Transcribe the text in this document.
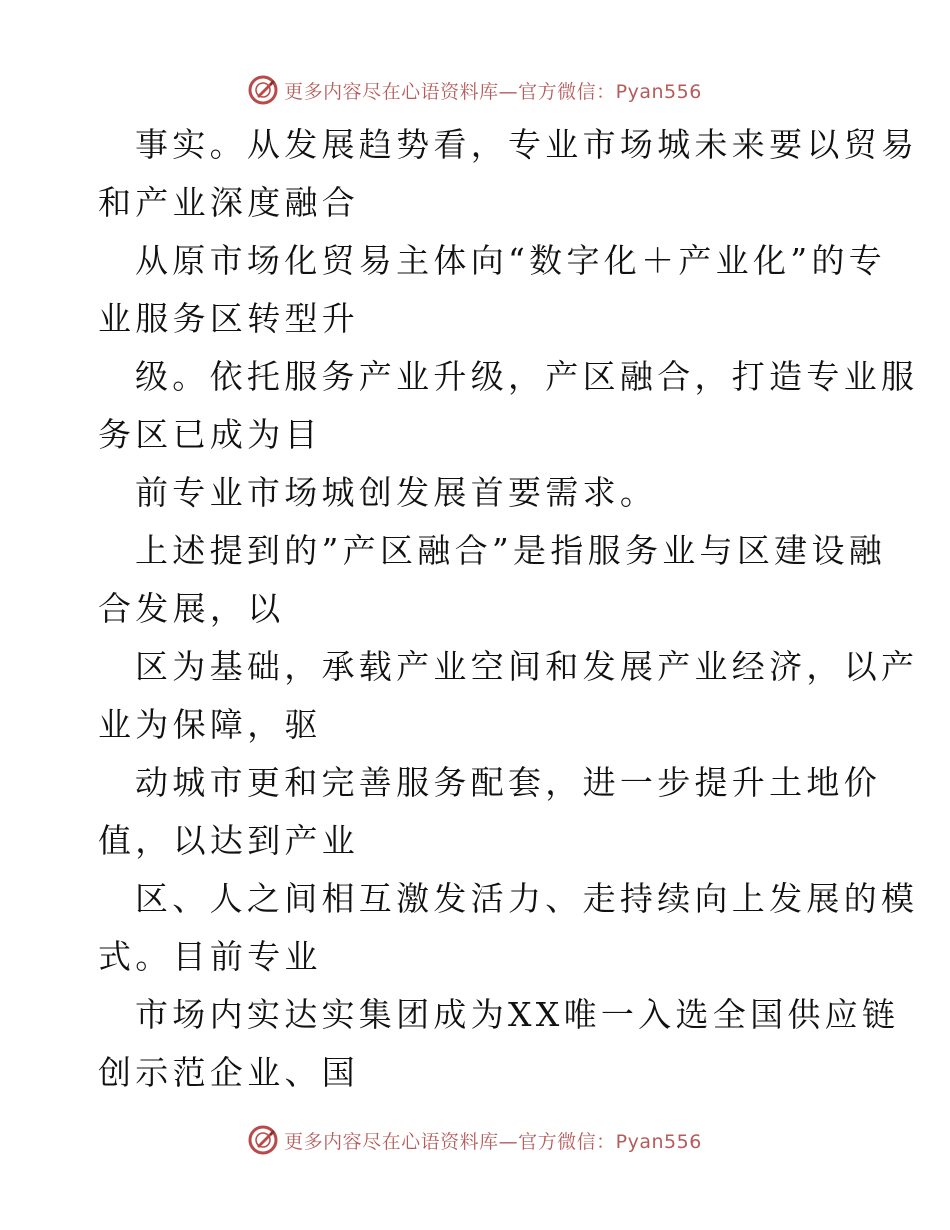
更多内容尽在心语资料库—官方微信：Pyan556
事实。从发展趋势看，专业市场城未来要以贸易
和产业深度融合
从原市场化贸易主体向“数字化＋产业化”的专
业服务区转型升
级。依托服务产业升级，产区融合，打造专业服
务区已成为目
前专业市场城创发展首要需求。
上述提到的”产区融合”是指服务业与区建设融
合发展，以
区为基础，承载产业空间和发展产业经济，以产
业为保障，驱
动城市更和完善服务配套，进一步提升土地价
值，以达到产业
区、人之间相互激发活力、走持续向上发展的模
式。目前专业
市场内实达实集团成为XX唯一入选全国供应链
创示范企业、国
更多内容尽在心语资料库—官方微信：Pyan556
